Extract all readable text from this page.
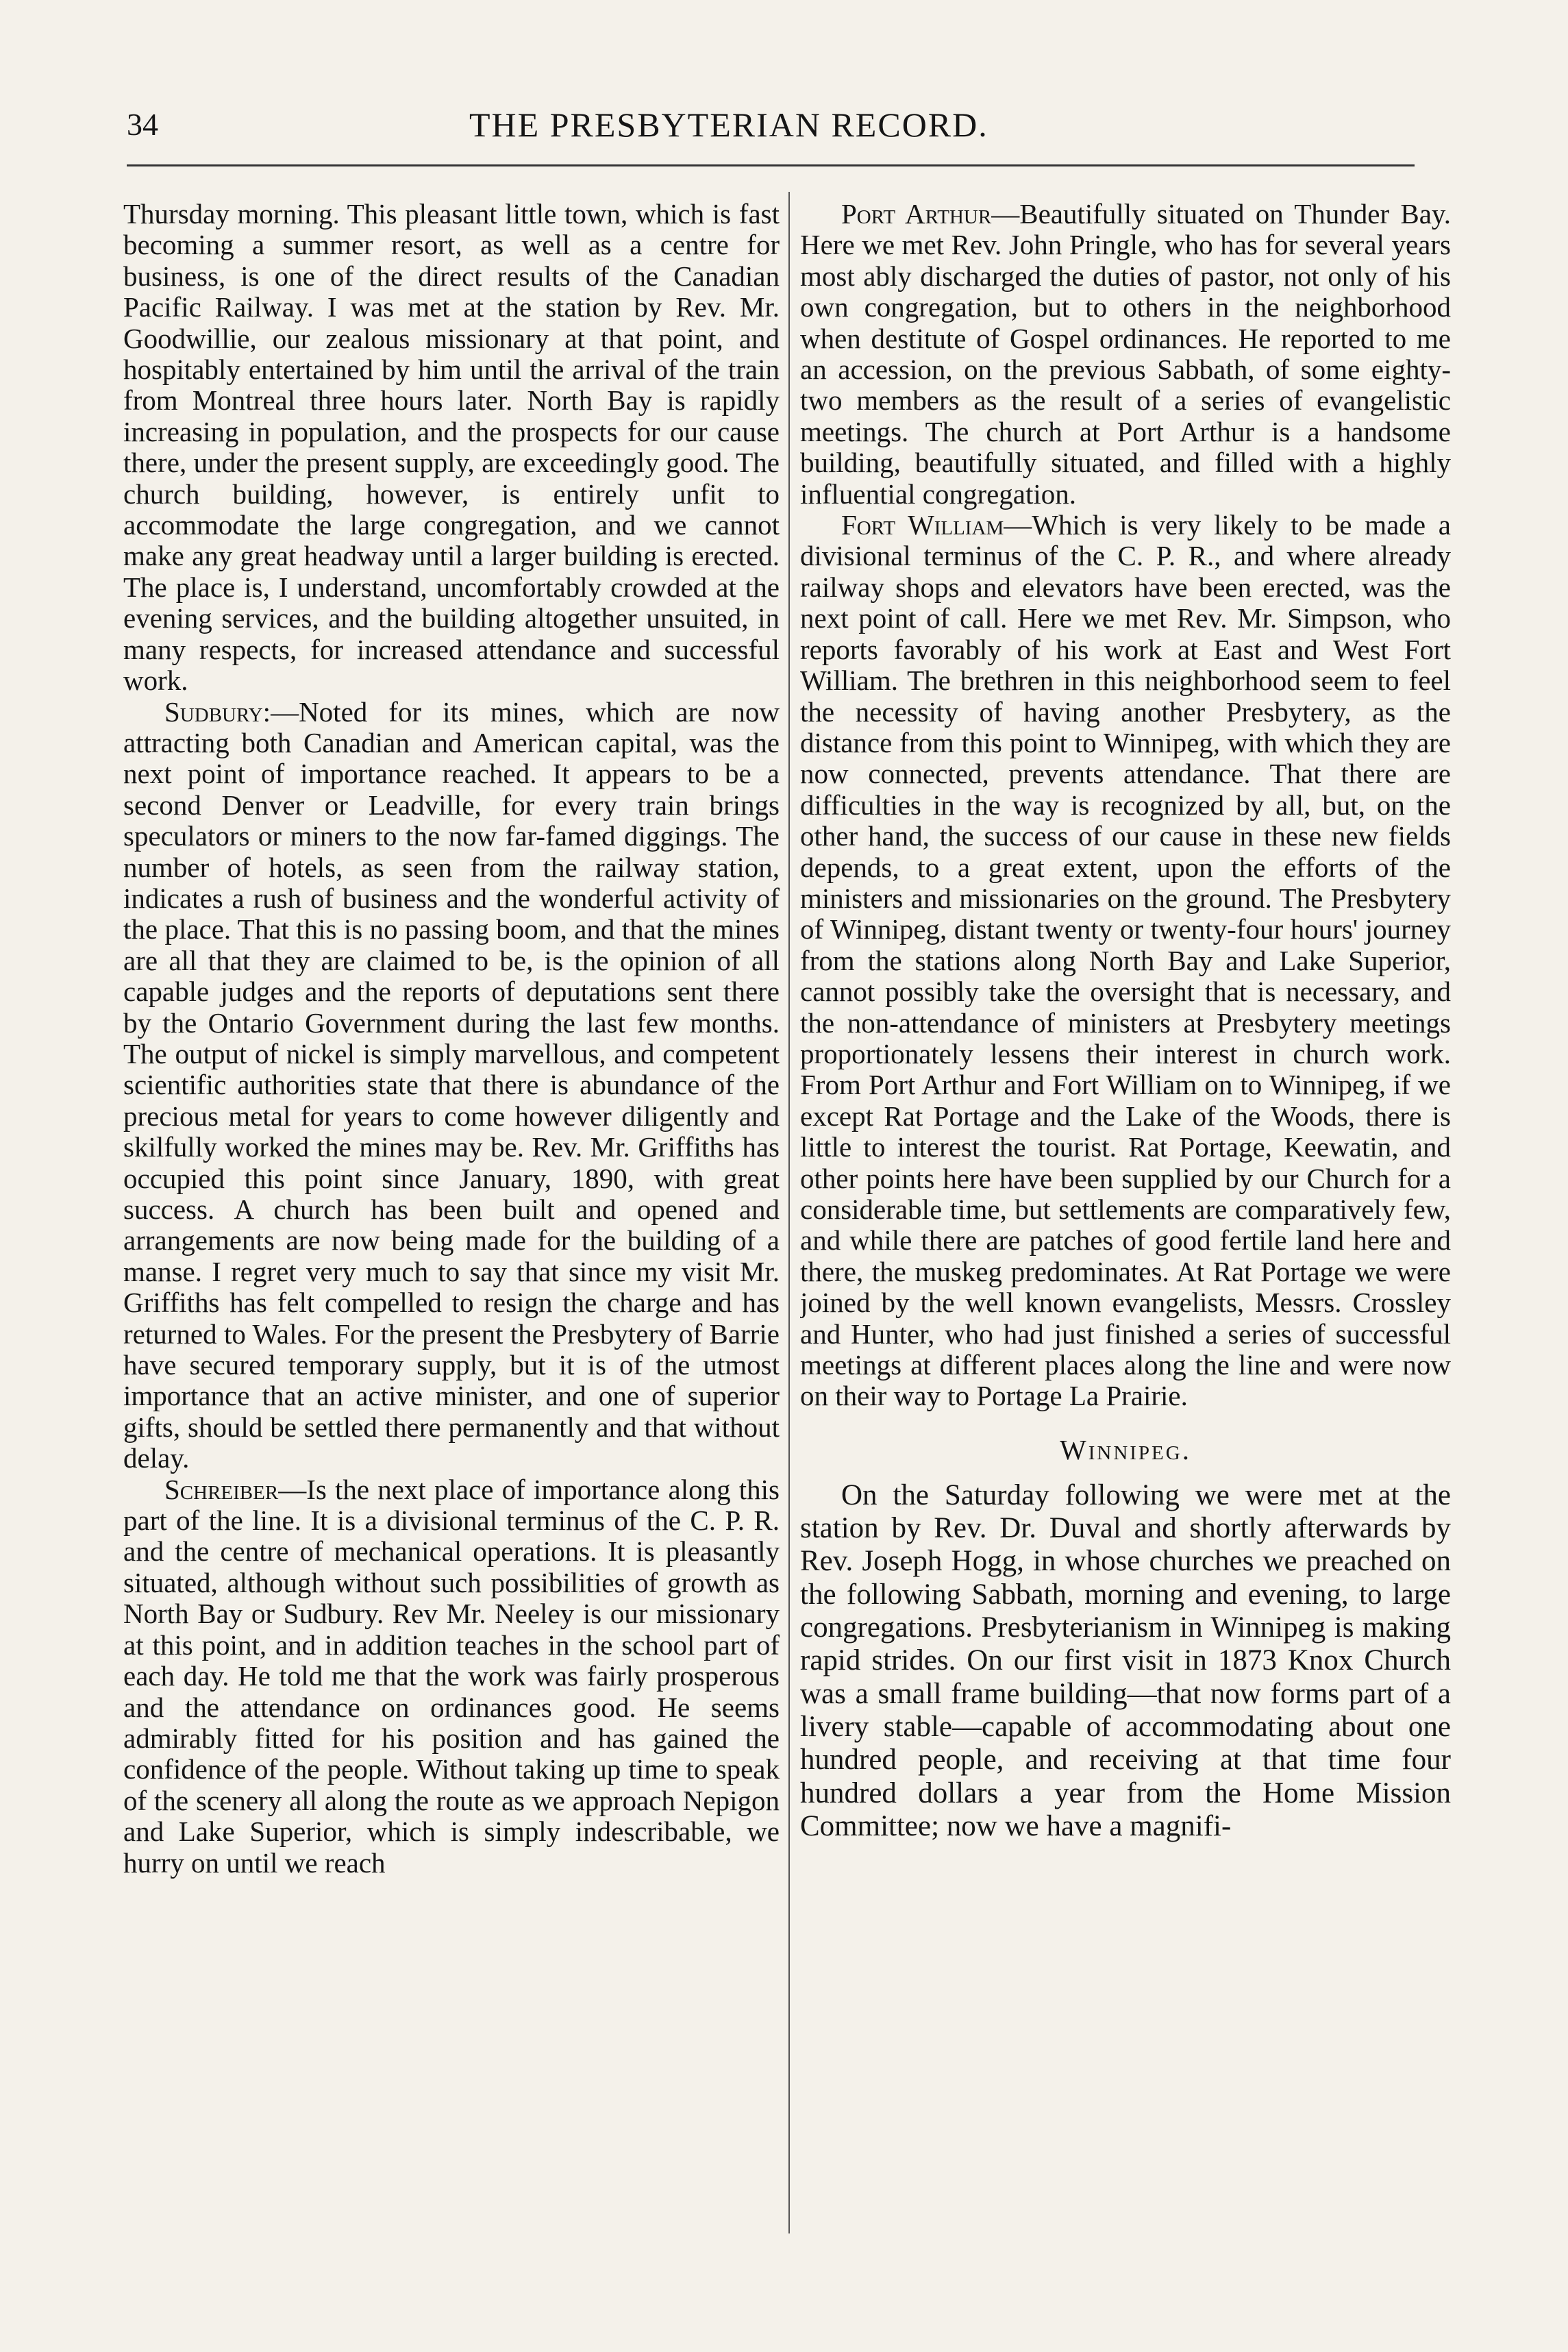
34	THE PRESBYTERIAN RECORD.

Thursday morning. This pleasant little town, which is fast becoming a summer resort, as well as a centre for business, is one of the direct results of the Canadian Pacific Railway. I was met at the station by Rev. Mr. Goodwillie, our zealous missionary at that point, and hospitably entertained by him until the arrival of the train from Montreal three hours later. North Bay is rapidly increasing in population, and the prospects for our cause there, under the present supply, are exceedingly good. The church building, however, is entirely unfit to accommodate the large congregation, and we cannot make any great headway until a larger building is erected. The place is, I understand, uncomfortably crowded at the evening services, and the building altogether unsuited, in many respects, for increased attendance and successful work.

Sudbury:—Noted for its mines, which are now attracting both Canadian and American capital, was the next point of importance reached. It appears to be a second Denver or Leadville, for every train brings speculators or miners to the now far-famed diggings. The number of hotels, as seen from the railway station, indicates a rush of business and the wonderful activity of the place. That this is no passing boom, and that the mines are all that they are claimed to be, is the opinion of all capable judges and the reports of deputations sent there by the Ontario Government during the last few months. The output of nickel is simply marvellous, and competent scientific authorities state that there is abundance of the precious metal for years to come however diligently and skilfully worked the mines may be. Rev. Mr. Griffiths has occupied this point since January, 1890, with great success. A church has been built and opened and arrangements are now being made for the building of a manse. I regret very much to say that since my visit Mr. Griffiths has felt compelled to resign the charge and has returned to Wales. For the present the Presbytery of Barrie have secured temporary supply, but it is of the utmost importance that an active minister, and one of superior gifts, should be settled there permanently and that without delay.

Schreiber—Is the next place of importance along this part of the line. It is a divisional terminus of the C. P. R. and the centre of mechanical operations. It is pleasantly situated, although without such possibilities of growth as North Bay or Sudbury. Rev Mr. Neeley is our missionary at this point, and in addition teaches in the school part of each day. He told me that the work was fairly prosperous and the attendance on ordinances good. He seems admirably fitted for his position and has gained the confidence of the people. Without taking up time to speak of the scenery all along the route as we approach Nepigon and Lake Superior, which is simply indescribable, we hurry on until we reach

Port Arthur—Beautifully situated on Thunder Bay. Here we met Rev. John Pringle, who has for several years most ably discharged the duties of pastor, not only of his own congregation, but to others in the neighborhood when destitute of Gospel ordinances. He reported to me an accession, on the previous Sabbath, of some eighty-two members as the result of a series of evangelistic meetings. The church at Port Arthur is a handsome building, beautifully situated, and filled with a highly influential congregation.

Fort William—Which is very likely to be made a divisional terminus of the C. P. R., and where already railway shops and elevators have been erected, was the next point of call. Here we met Rev. Mr. Simpson, who reports favorably of his work at East and West Fort William. The brethren in this neighborhood seem to feel the necessity of having another Presbytery, as the distance from this point to Winnipeg, with which they are now connected, prevents attendance. That there are difficulties in the way is recognized by all, but, on the other hand, the success of our cause in these new fields depends, to a great extent, upon the efforts of the ministers and missionaries on the ground. The Presbytery of Winnipeg, distant twenty or twenty-four hours' journey from the stations along North Bay and Lake Superior, cannot possibly take the oversight that is necessary, and the non-attendance of ministers at Presbytery meetings proportionately lessens their interest in church work. From Port Arthur and Fort William on to Winnipeg, if we except Rat Portage and the Lake of the Woods, there is little to interest the tourist. Rat Portage, Keewatin, and other points here have been supplied by our Church for a considerable time, but settlements are comparatively few, and while there are patches of good fertile land here and there, the muskeg predominates. At Rat Portage we were joined by the well known evangelists, Messrs. Crossley and Hunter, who had just finished a series of successful meetings at different places along the line and were now on their way to Portage La Prairie.

Winnipeg.

On the Saturday following we were met at the station by Rev. Dr. Duval and shortly afterwards by Rev. Joseph Hogg, in whose churches we preached on the following Sabbath, morning and evening, to large congregations. Presbyterianism in Winnipeg is making rapid strides. On our first visit in 1873 Knox Church was a small frame building—that now forms part of a livery stable—capable of accommodating about one hundred people, and receiving at that time four hundred dollars a year from the Home Mission Committee; now we have a magnifi-
